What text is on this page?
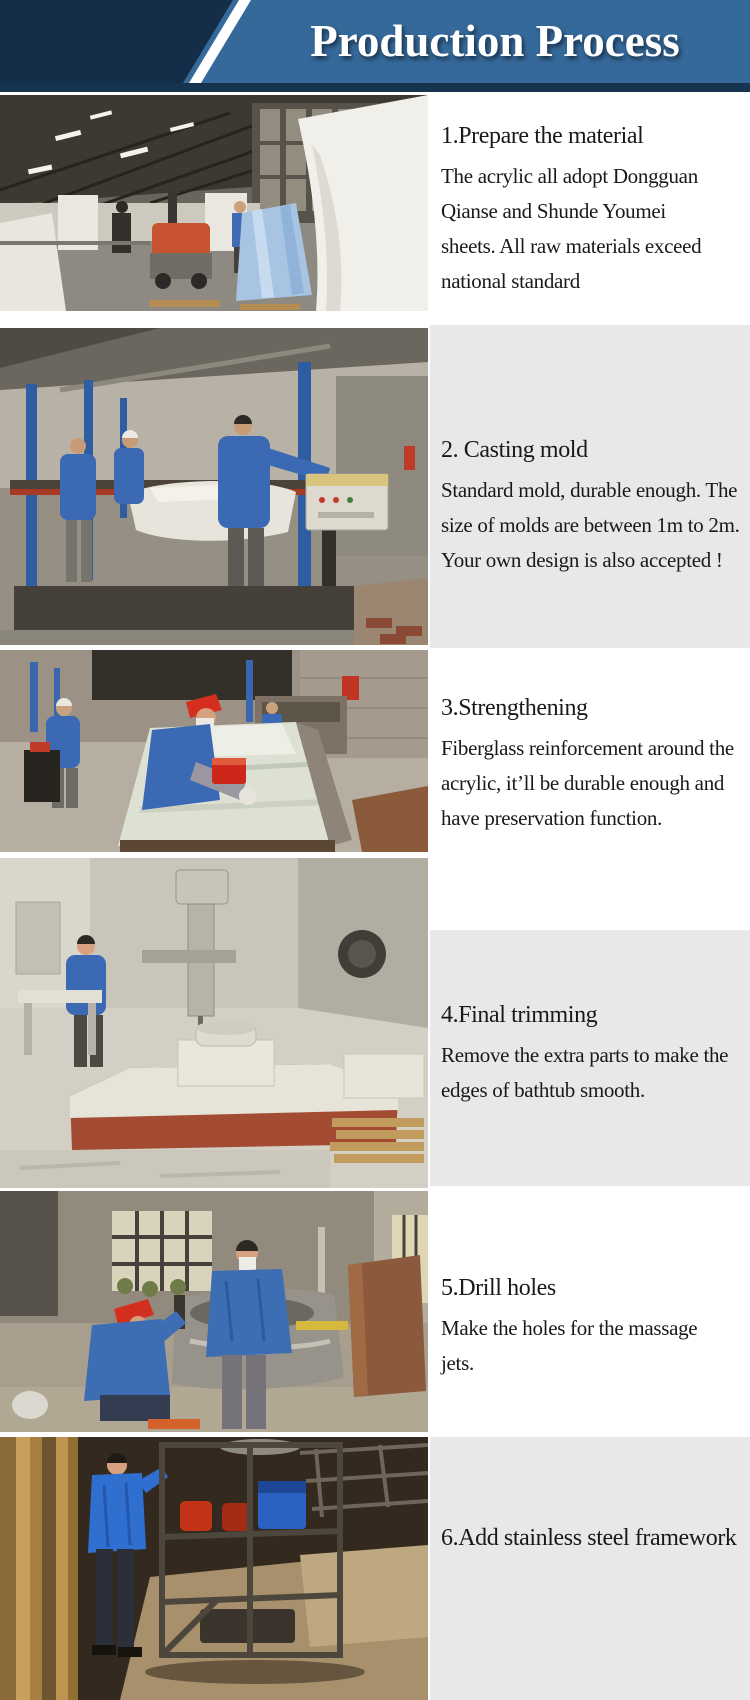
Production Process
1.Prepare the material
The acrylic all adopt Dongguan
Qianse and Shunde Youmei
sheets. All raw materials exceed
national standard
2. Casting mold
Standard mold, durable enough. The
size of molds are between 1m to 2m.
Your own design is also accepted !
3.Strengthening
Fiberglass reinforcement around the
acrylic, it’ll be durable enough and
have preservation function.
4.Final trimming
Remove the extra parts to make the
edges of bathtub smooth.
5.Drill holes
Make the holes for the massage
jets.
6.Add stainless steel framework
